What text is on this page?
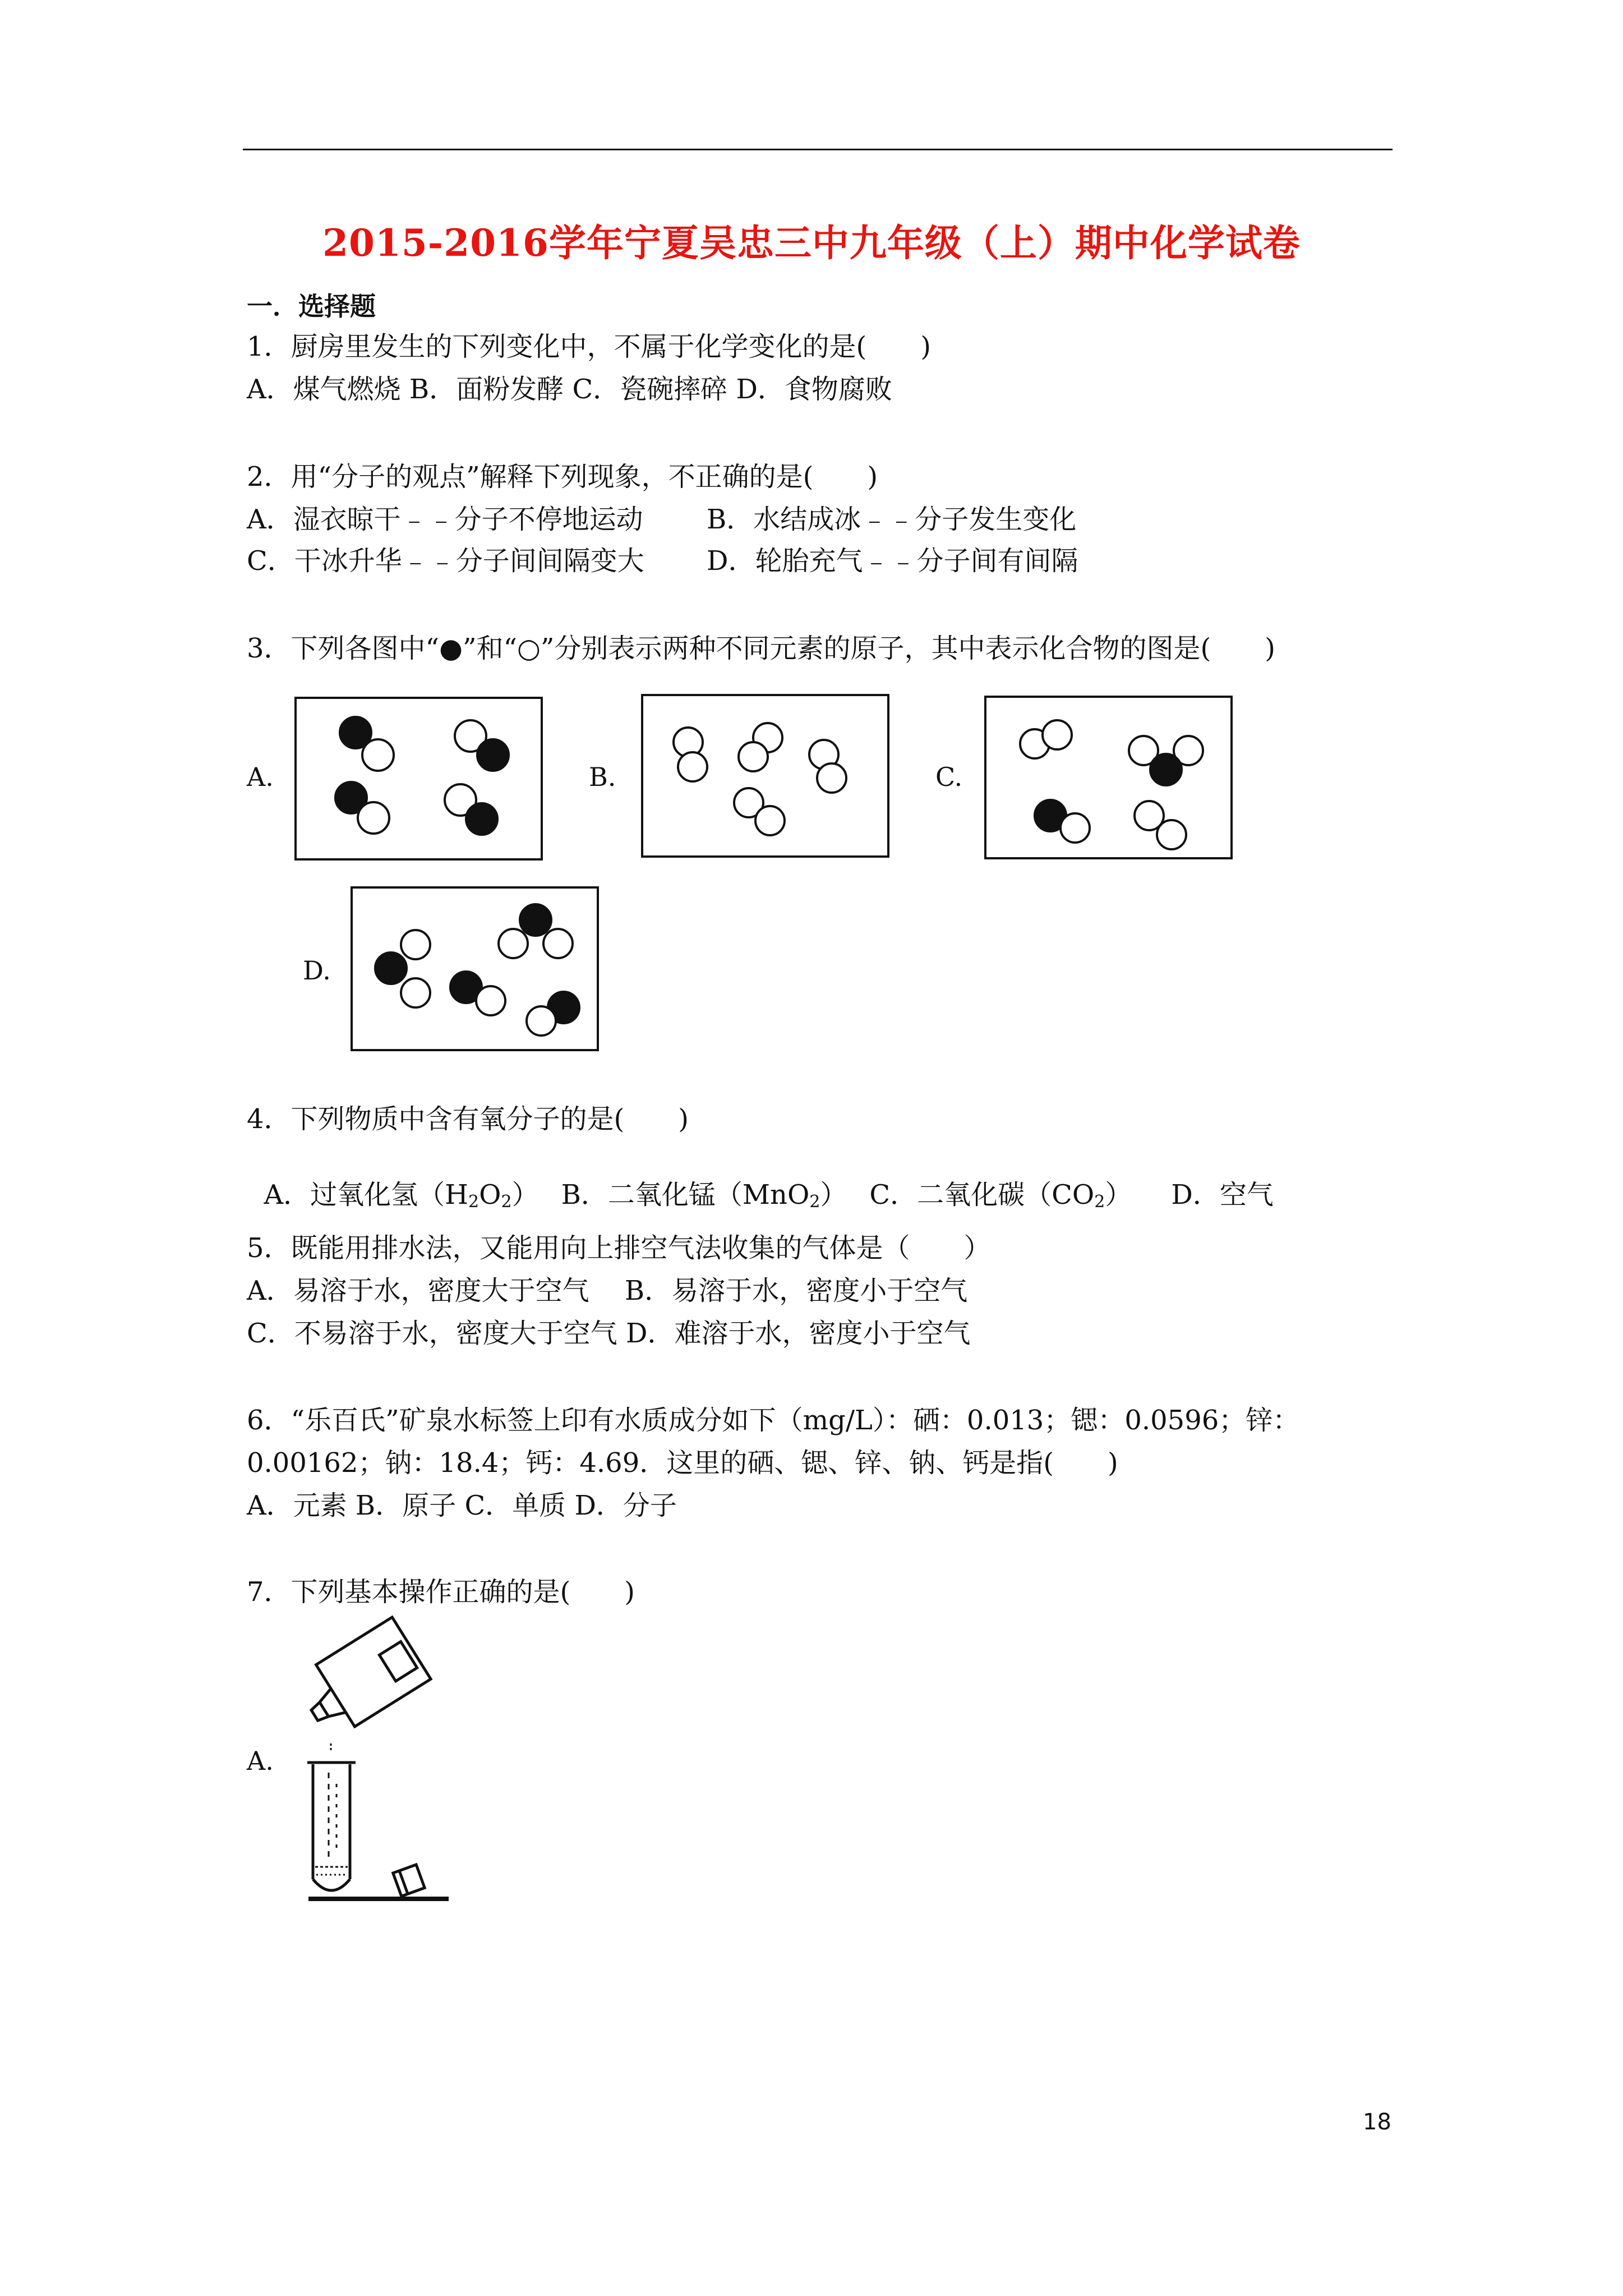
2015-2016学年宁夏吴忠三中九年级（上）期中化学试卷
一．选择题
1．厨房里发生的下列变化中，不属于化学变化的是(　　)
A．煤气燃烧 B．面粉发酵 C．瓷碗摔碎 D．食物腐败
2．用“分子的观点”解释下列现象，不正确的是(　　)
A．湿衣晾干﹣﹣分子不停地运动 B．水结成冰﹣﹣分子发生变化
C．干冰升华﹣﹣分子间间隔变大 D．轮胎充气﹣﹣分子间有间隔
3．下列各图中“●”和“○”分别表示两种不同元素的原子，其中表示化合物的图是(　　)
A.	B.	C.
D.
4．下列物质中含有氧分子的是(　　)

A．过氧化氢$(H_2O_2)$ B．二氧化锰（MnO$_2$） C．二氧化碳$(CO_2)$ D．空气

5．既能用排水法，又能用向上排空气法收集的气体是（　　）
A．易溶于水，密度大于空气　 B．易溶于水，密度小于空气
C．不易溶于水，密度大于空气 D．难溶于水，密度小于空气
6．“乐百氏”矿泉水标签上印有水质成分如下（mg/L）：硒：0.013；锶：0.0596；锌：
0.00162；钠：18.4；钙：4.69．这里的硒、锶、锌、钠、钙是指(　　)
A．元素 B．原子 C．单质 D．分子
7．下列基本操作正确的是(　　)
A.
18
